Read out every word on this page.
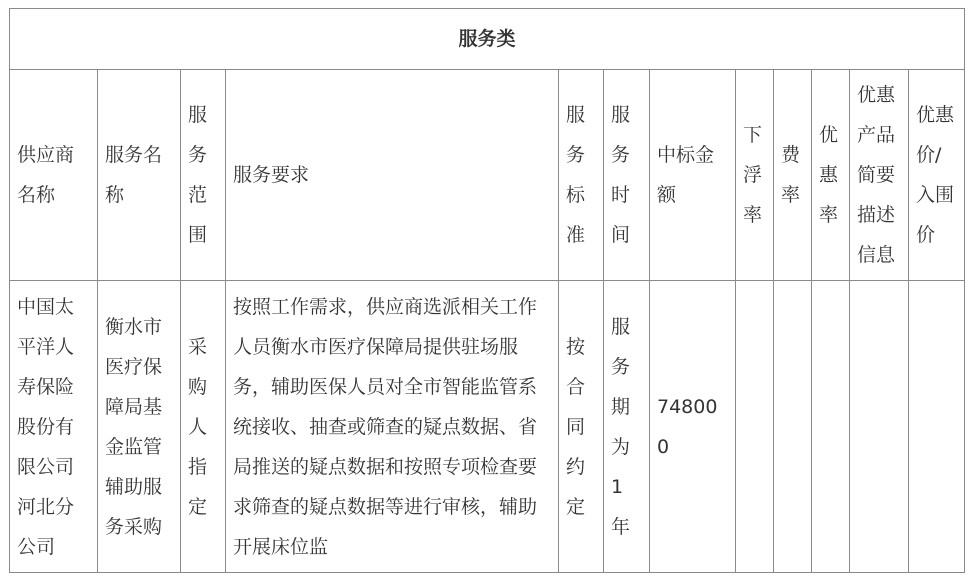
服务类											
供应商名称	服务名称	服务范围	服务要求	服务标准	服务时间	中标金额	下浮率	费率	优惠率	优惠产品简要描述信息	优惠价/入围价
中国太平洋人寿保险股份有限公司河北分公司	衡水市医疗保障局基金监管辅助服务采购	采购人指定	按照工作需求，供应商选派相关工作人员衡水市医疗保障局提供驻场服务，辅助医保人员对全市智能监管系统接收、抽查或筛查的疑点数据、省局推送的疑点数据和按照专项检查要求筛查的疑点数据等进行审核，辅助开展床位监	按合同约定	服务期为1年	748000					
